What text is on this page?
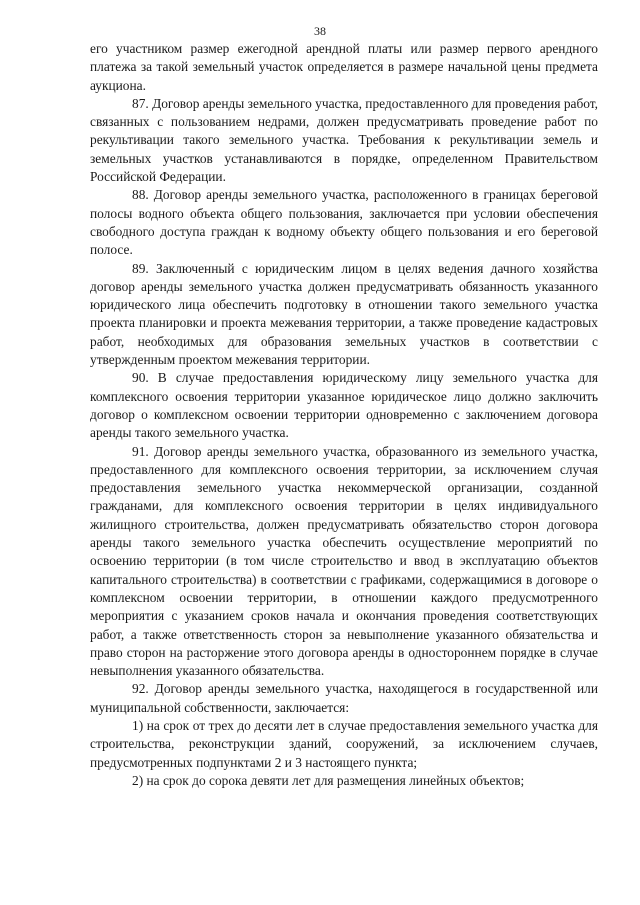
38

его участником размер ежегодной арендной платы или размер первого арендного платежа за такой земельный участок определяется в размере начальной цены предмета аукциона.

87. Договор аренды земельного участка, предоставленного для проведения работ, связанных с пользованием недрами, должен предусматривать проведение работ по рекультивации такого земельного участка. Требования к рекультивации земель и земельных участков устанавливаются в порядке, определенном Правительством Российской Федерации.

88. Договор аренды земельного участка, расположенного в границах береговой полосы водного объекта общего пользования, заключается при условии обеспечения свободного доступа граждан к водному объекту общего пользования и его береговой полосе.

89. Заключенный с юридическим лицом в целях ведения дачного хозяйства договор аренды земельного участка должен предусматривать обязанность указанного юридического лица обеспечить подготовку в отношении такого земельного участка проекта планировки и проекта межевания территории, а также проведение кадастровых работ, необходимых для образования земельных участков в соответствии с утвержденным проектом межевания территории.

90. В случае предоставления юридическому лицу земельного участка для комплексного освоения территории указанное юридическое лицо должно заключить договор о комплексном освоении территории одновременно с заключением договора аренды такого земельного участка.

91. Договор аренды земельного участка, образованного из земельного участка, предоставленного для комплексного освоения территории, за исключением случая предоставления земельного участка некоммерческой организации, созданной гражданами, для комплексного освоения территории в целях индивидуального жилищного строительства, должен предусматривать обязательство сторон договора аренды такого земельного участка обеспечить осуществление мероприятий по освоению территории (в том числе строительство и ввод в эксплуатацию объектов капитального строительства) в соответствии с графиками, содержащимися в договоре о комплексном освоении территории, в отношении каждого предусмотренного мероприятия с указанием сроков начала и окончания проведения соответствующих работ, а также ответственность сторон за невыполнение указанного обязательства и право сторон на расторжение этого договора аренды в одностороннем порядке в случае невыполнения указанного обязательства.

92. Договор аренды земельного участка, находящегося в государственной или муниципальной собственности, заключается:

1) на срок от трех до десяти лет в случае предоставления земельного участка для строительства, реконструкции зданий, сооружений, за исключением случаев, предусмотренных подпунктами 2 и 3 настоящего пункта;

2) на срок до сорока девяти лет для размещения линейных объектов;
